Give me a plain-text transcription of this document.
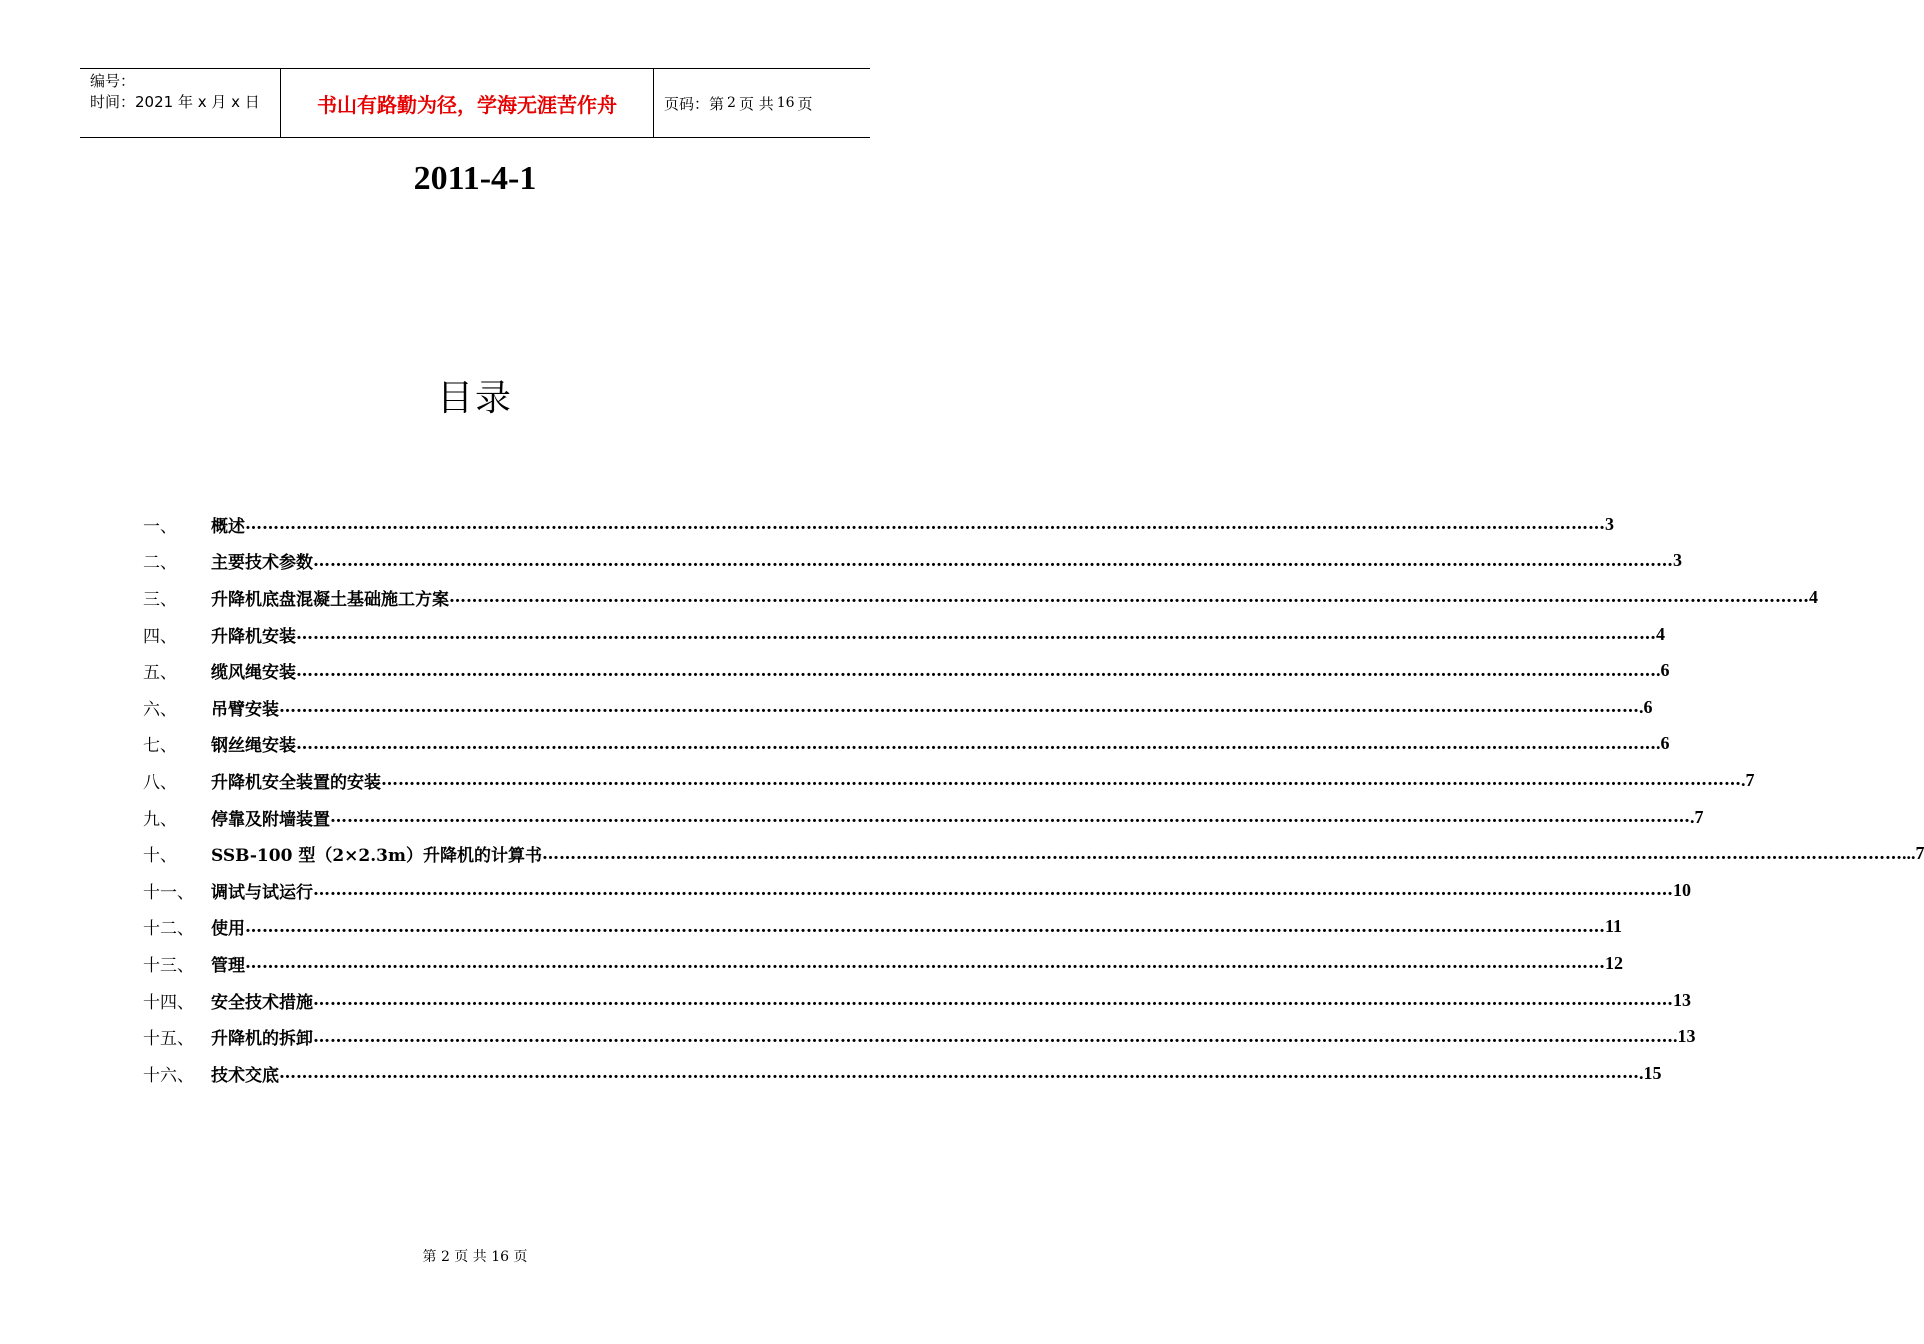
编号：
时间：2021 年 x 月 x 日	书山有路勤为径，学海无涯苦作舟	页码：第 2 页 共 16 页
2011-4-1
目录
一、	概述 …………………………………………………………………………………………………………………………………………………………………………………………………………………… 3
二、	主要技术参数 …………………………………………………………………………………………………………………………………………………………………………………………………………………… 3
三、	升降机底盘混凝土基础施工方案 …………………………………………………………………………………………………………………………………………………………………………………………………………………… 4
四、	升降机安装 …………………………………………………………………………………………………………………………………………………………………………………………………………………… 4
五、	缆风绳安装 …………………………………………………………………………………………………………………………………………………………………………………………………………………… .6
六、	吊臂安装 …………………………………………………………………………………………………………………………………………………………………………………………………………………… .6
七、	钢丝绳安装 …………………………………………………………………………………………………………………………………………………………………………………………………………………… .6
八、	升降机安全装置的安装 …………………………………………………………………………………………………………………………………………………………………………………………………………………… .7
九、	停靠及附墙装置 …………………………………………………………………………………………………………………………………………………………………………………………………………………… .7
十、	SSB-100 型（2×2.3m）升降机的计算书 …………………………………………………………………………………………………………………………………………………………………………………………………………………… ...7
十一、	调试与试运行 …………………………………………………………………………………………………………………………………………………………………………………………………………………… 10
十二、	使用 …………………………………………………………………………………………………………………………………………………………………………………………………………………… 11
十三、	管理 …………………………………………………………………………………………………………………………………………………………………………………………………………………… 12
十四、	安全技术措施 …………………………………………………………………………………………………………………………………………………………………………………………………………………… 13
十五、	升降机的拆卸 …………………………………………………………………………………………………………………………………………………………………………………………………………………… .13
十六、	技术交底 …………………………………………………………………………………………………………………………………………………………………………………………………………………… .15
第 2 页 共 16 页
